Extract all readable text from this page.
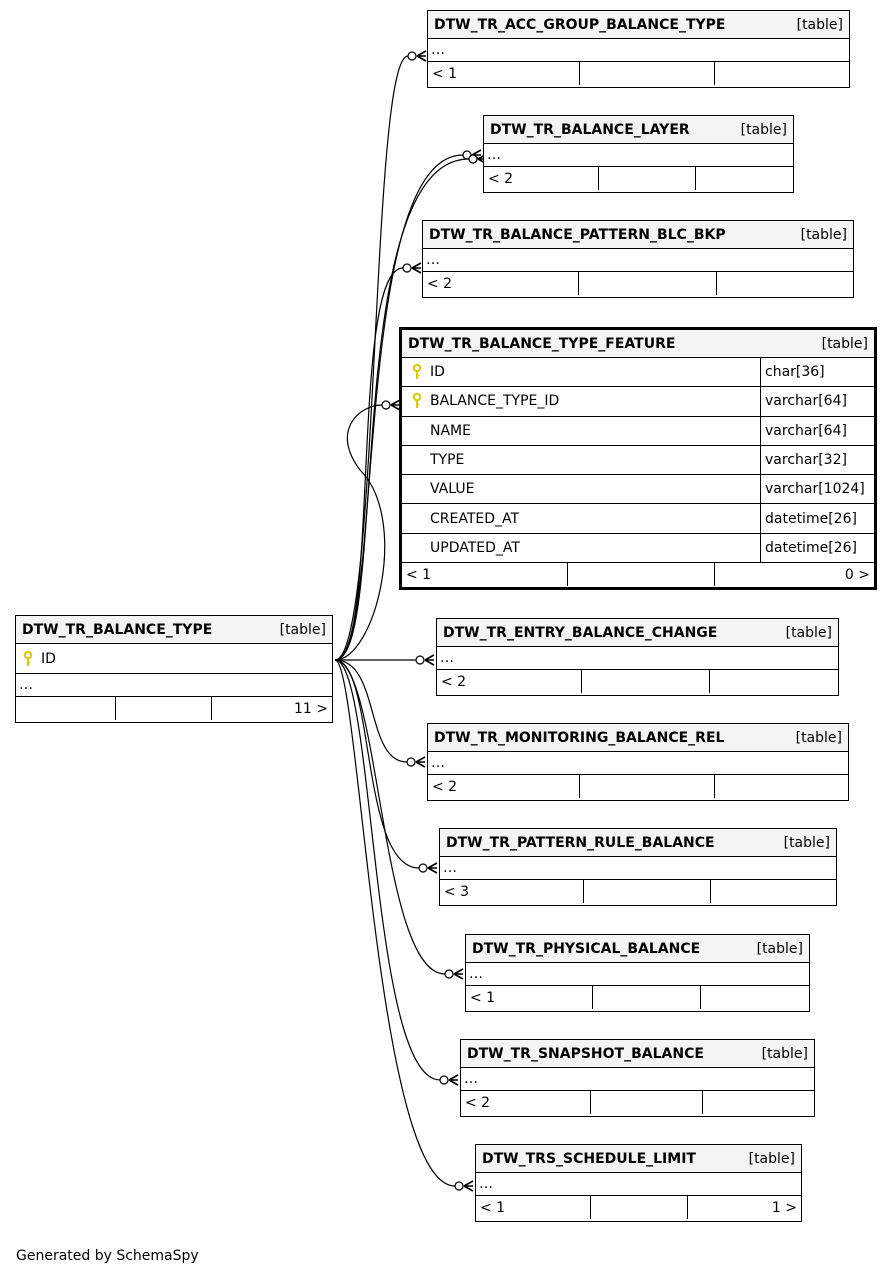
DTW_TR_ACC_GROUP_BALANCE_TYPE	[table]
…
< 1
DTW_TR_BALANCE_LAYER	[table]
…
< 2
DTW_TR_BALANCE_PATTERN_BLC_BKP	[table]
…
< 2
DTW_TR_BALANCE_TYPE_FEATURE	[table]
ID	char[36]
BALANCE_TYPE_ID	varchar[64]
NAME	varchar[64]
TYPE	varchar[32]
VALUE	varchar[1024]
CREATED_AT	datetime[26]
UPDATED_AT	datetime[26]
< 1	0 >
DTW_TR_BALANCE_TYPE	[table]
ID
…
11 >
DTW_TR_ENTRY_BALANCE_CHANGE	[table]
…
< 2
DTW_TR_MONITORING_BALANCE_REL	[table]
…
< 2
DTW_TR_PATTERN_RULE_BALANCE	[table]
…
< 3
DTW_TR_PHYSICAL_BALANCE	[table]
…
< 1
DTW_TR_SNAPSHOT_BALANCE	[table]
…
< 2
DTW_TRS_SCHEDULE_LIMIT	[table]
…
< 1	1 >
Generated by SchemaSpy
